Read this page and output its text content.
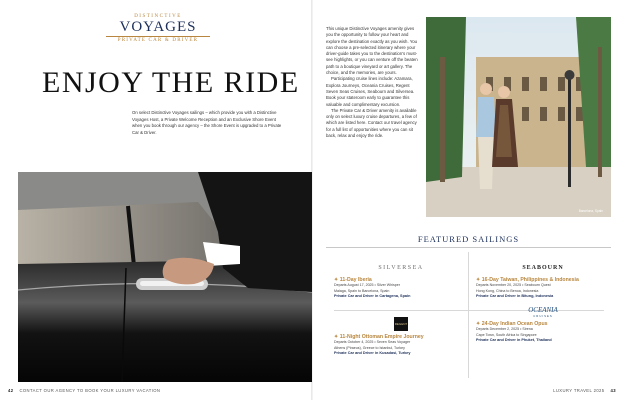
DISTINCTIVE
VOYAGES
PRIVATE CAR & DRIVER
ENJOY THE RIDE

On select Distinctive Voyages sailings – which provide you with a Distinctive Voyages Host, a Private Welcome Reception and an Exclusive Shore Event when you book through our agency – the Shore Event is upgraded to a Private Car & Driver.

42 CONTACT OUR AGENCY TO BOOK YOUR LUXURY VACATION

This unique Distinctive Voyages amenity gives you the opportunity to follow your heart and explore the destination exactly as you wish. You can choose a pre-selected itinerary where your driver-guide takes you to the destination's must-see highlights, or you can venture off the beaten path to a boutique vineyard or art gallery. The choice, and the memories, are yours.

Participating cruise lines include: Azamara, Explora Journeys, Oceania Cruises, Regent Seven Seas Cruises, Seabourn and Silversea. Book your stateroom early to guarantee this valuable and complimentary excursion.

The Private Car & Driver amenity is available only on select luxury cruise departures, a few of which are listed here. Contact our travel agency for a full list of opportunities where you can sit back, relax and enjoy the ride.

Barcelona, Spain
FEATURED SAILINGS
SILVERSEA
✦ 11-Day Iberia
Departs August 17, 2025 • Silver Whisper
Malaga, Spain to Barcelona, Spain
Private Car and Driver in Cartagena, Spain
SEABOURN
✦ 16-Day Taiwan, Philippines & Indonesia
Departs November 20, 2025 • Seabourn Quest
Hong Kong, China to Benoa, Indonesia
Private Car and Driver in Bitung, Indonesia
REGENT
✦ 11-Night Ottoman Empire Journey
Departs October 4, 2025 • Seven Seas Voyager
Athens (Piraeus), Greece to Istanbul, Turkey
Private Car and Driver in Kusadasi, Turkey
OCEANIA
CRUISES
✦ 24-Day Indian Ocean Opus
Departs December 2, 2025 • Sirena
Cape Town, South Africa to Singapore
Private Car and Driver in Phuket, Thailand
LUXURY TRAVEL 2025 43
